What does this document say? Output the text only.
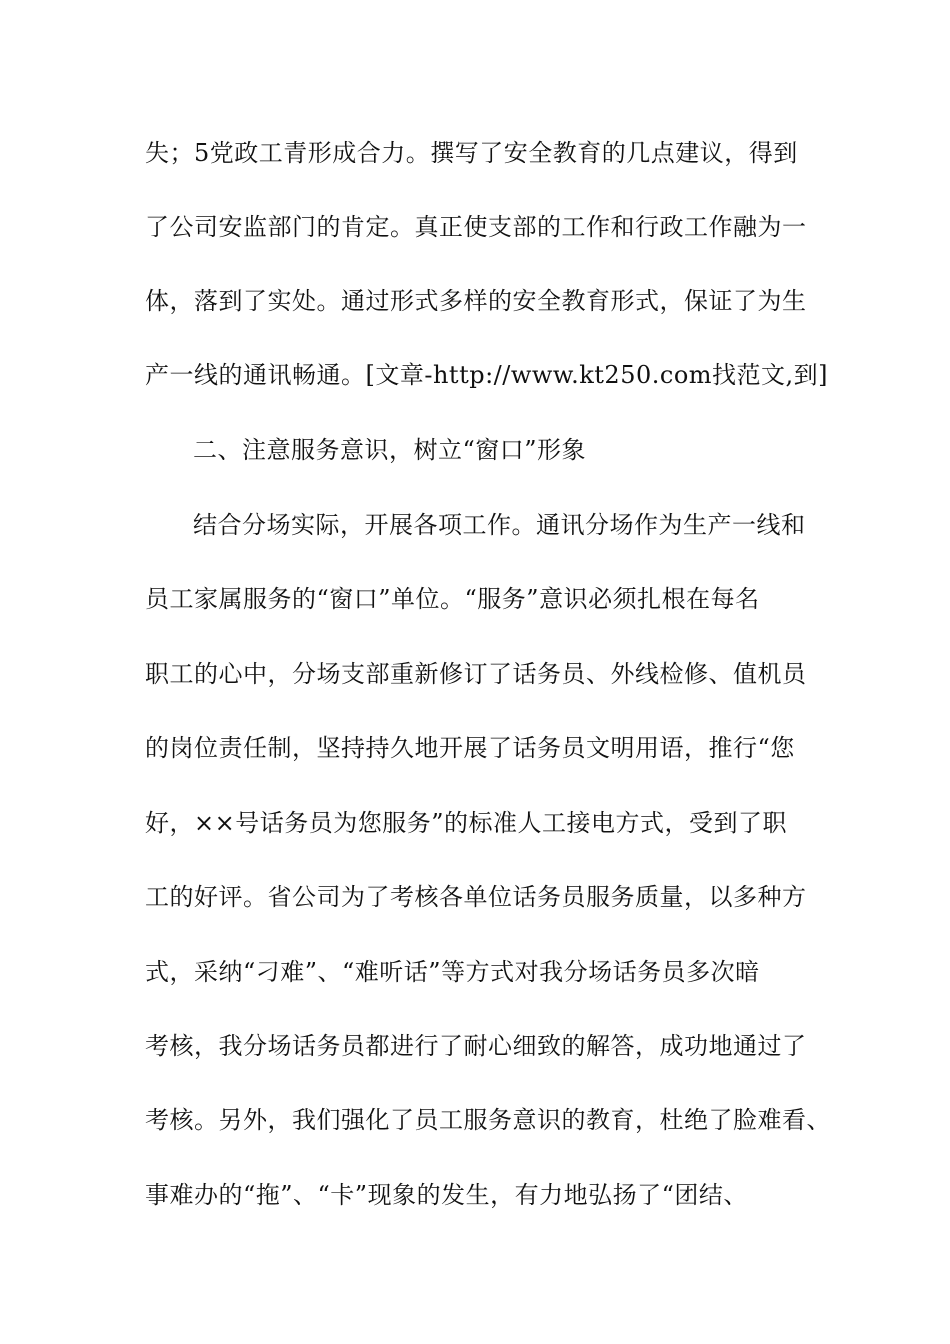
失；5党政工青形成合力。撰写了安全教育的几点建议，得到
了公司安监部门的肯定。真正使支部的工作和行政工作融为一
体，落到了实处。通过形式多样的安全教育形式，保证了为生
产一线的通讯畅通。[文章-http://www.kt250.com找范文,到]
二、注意服务意识，树立“窗口”形象
结合分场实际，开展各项工作。通讯分场作为生产一线和
员工家属服务的“窗口”单位。“服务”意识必须扎根在每名
职工的心中，分场支部重新修订了话务员、外线检修、值机员
的岗位责任制，坚持持久地开展了话务员文明用语，推行“您
好，××号话务员为您服务”的标准人工接电方式，受到了职
工的好评。省公司为了考核各单位话务员服务质量，以多种方
式，采纳“刁难”、“难听话”等方式对我分场话务员多次暗
考核，我分场话务员都进行了耐心细致的解答，成功地通过了
考核。另外，我们强化了员工服务意识的教育，杜绝了脸难看、
事难办的“拖”、“卡”现象的发生，有力地弘扬了“团结、
